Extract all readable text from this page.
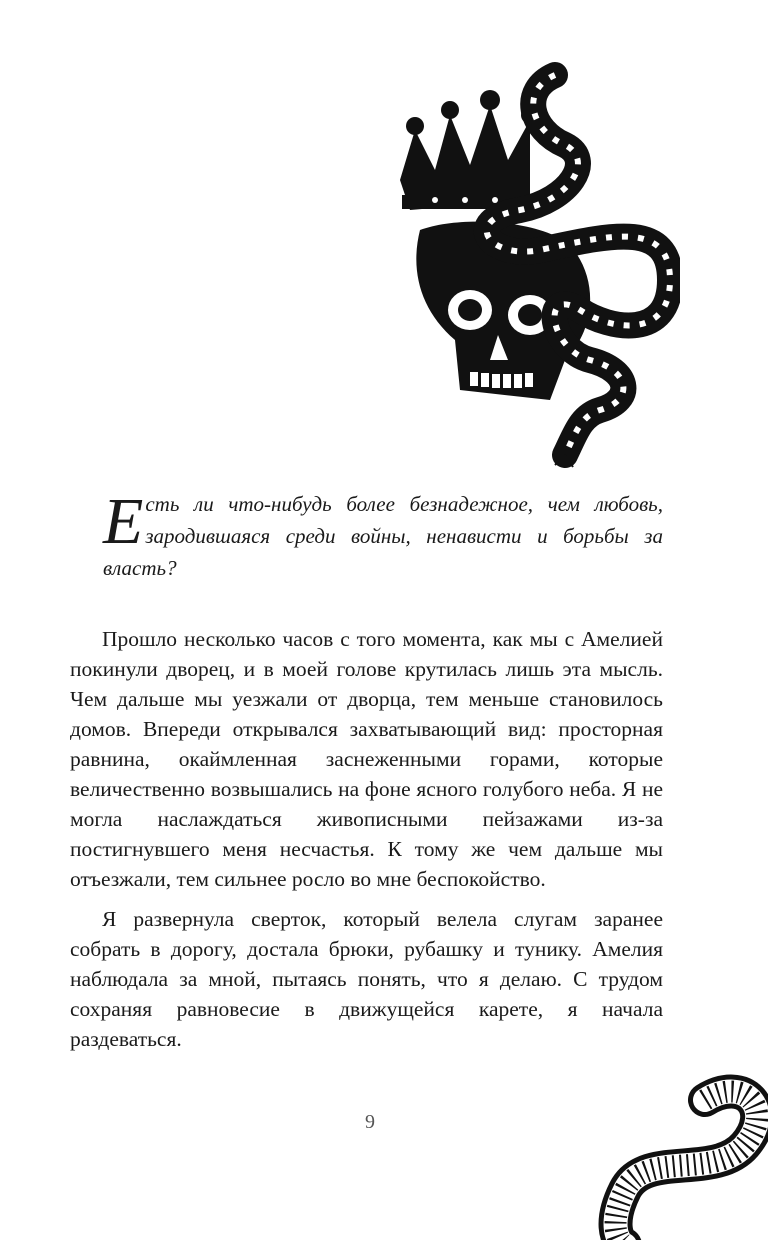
Есть ли что-нибудь более безнадежное, чем любовь, зародившаяся среди войны, ненависти и борьбы за власть?

Прошло несколько часов с того момента, как мы с Амелией покинули дворец, и в моей голове крутилась лишь эта мысль. Чем дальше мы уезжали от дворца, тем меньше становилось домов. Впереди открывался захватывающий вид: просторная равнина, окаймленная заснеженными горами, которые величественно возвышались на фоне ясного голубого неба. Я не могла наслаждаться живописными пейзажами из-за постигнувшего меня несчастья. К тому же чем дальше мы отъезжали, тем сильнее росло во мне беспокойство.

Я развернула сверток, который велела слугам заранее собрать в дорогу, достала брюки, рубашку и тунику. Амелия наблюдала за мной, пытаясь понять, что я делаю. С трудом сохраняя равновесие в движущейся карете, я начала раздеваться.

9
